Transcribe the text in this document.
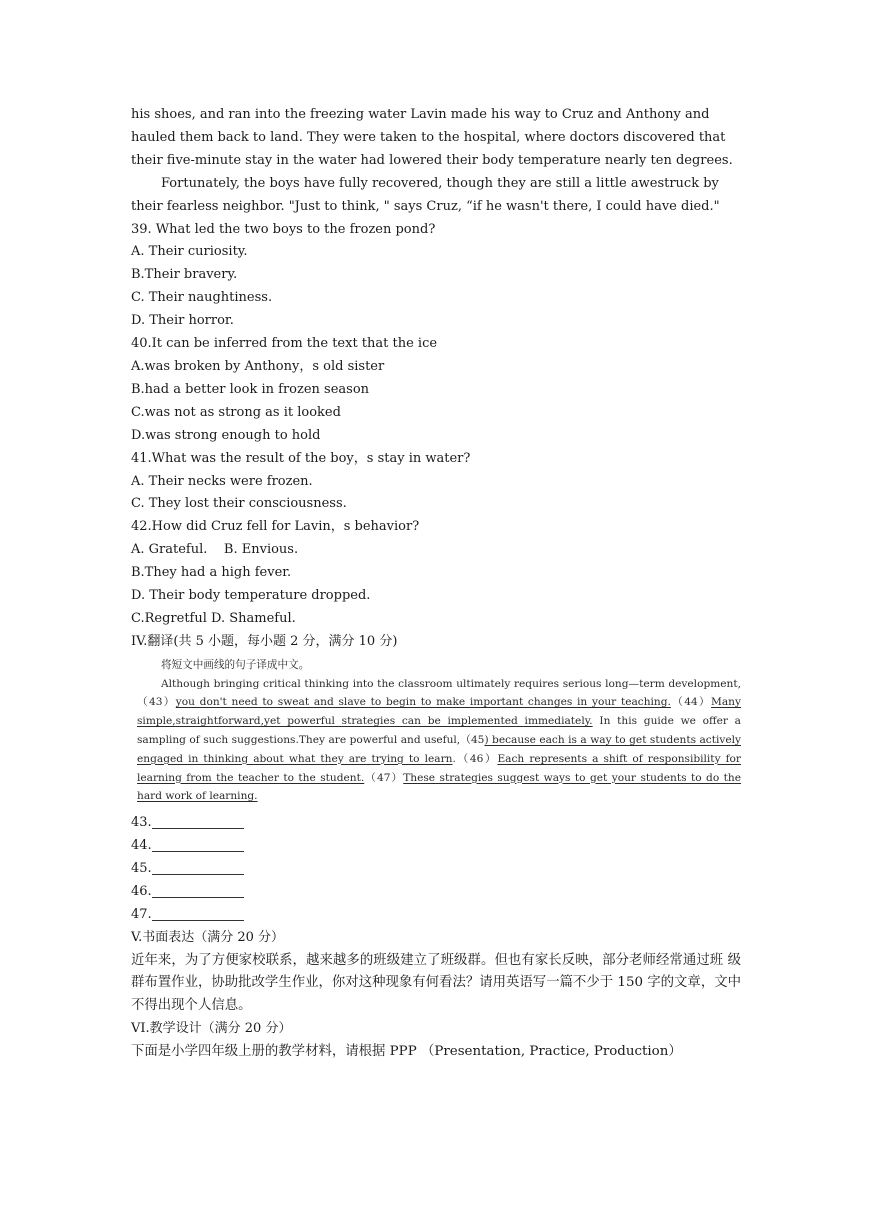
his shoes, and ran into the freezing water Lavin made his way to Cruz and Anthony and hauled them back to land. They were taken to the hospital, where doctors discovered that their five-minute stay in the water had lowered their body temperature nearly ten degrees.

Fortunately, the boys have fully recovered, though they are still a little awestruck by their fearless neighbor. "Just to think, " says Cruz, “if he wasn't there, I could have died."

39. What led the two boys to the frozen pond?

A. Their curiosity.

B.Their bravery.

C. Their naughtiness.

D. Their horror.

40.It can be inferred from the text that the ice

A.was broken by Anthony，s old sister

B.had a better look in frozen season

C.was not as strong as it looked

D.was strong enough to hold

41.What was the result of the boy，s stay in water?

A. Their necks were frozen.

C. They lost their consciousness.

42.How did Cruz fell for Lavin，s behavior?

A. Grateful.    B. Envious.

B.They had a high fever.

D. Their body temperature dropped.

C.Regretful D. Shameful.

IV.翻译(共 5 小题，每小题 2 分，满分 10 分)

将短文中画线的句子译成中文。

Although bringing critical thinking into the classroom ultimately requires serious long—term development,（43）you don't need to sweat and slave to begin to make important changes in your teaching.（44）Many simple,straightforward,yet powerful strategies can be implemented immediately. In this guide we offer a sampling of such suggestions.They are powerful and useful,（45) because each is a way to get students actively engaged in thinking about what they are trying to learn.（46）Each represents a shift of responsibility for learning from the teacher to the student.（47）These strategies suggest ways to get your students to do the hard work of learning.

43.

44.

45.

46.

47.

V.书面表达（满分 20 分）

近年来，为了方便家校联系，越来越多的班级建立了班级群。但也有家长反映，部分老师经常通过班 级群布置作业，协助批改学生作业，你对这种现象有何看法？请用英语写一篇不少于 150 字的文章，文中 不得出现个人信息。

VI.教学设计（满分 20 分）

下面是小学四年级上册的教学材料，请根据 PPP （Presentation, Practice, Production）
